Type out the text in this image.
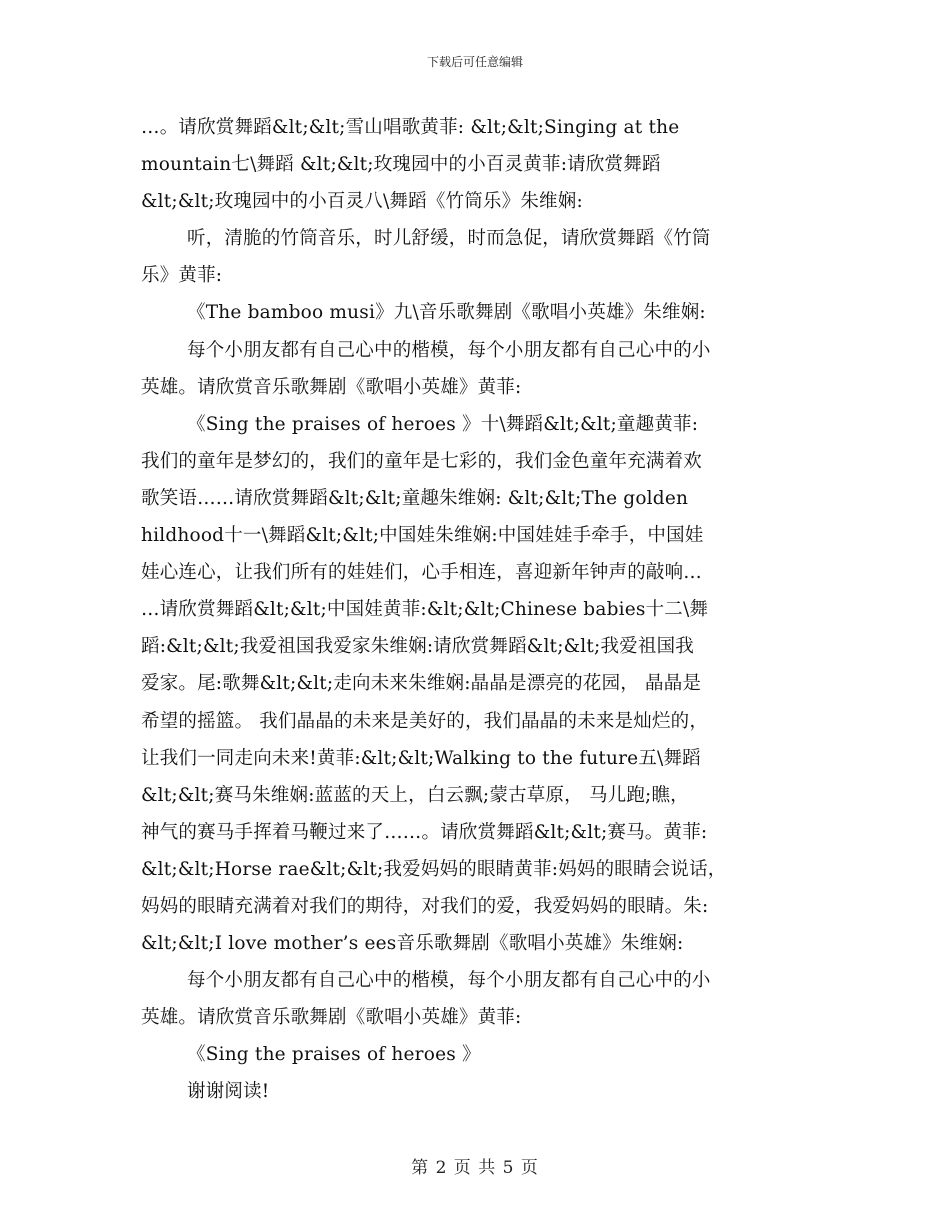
下载后可任意编辑
…。请欣赏舞蹈&lt;&lt;雪山唱歌黄菲: &lt;&lt;Singing at the
mountain七\舞蹈 &lt;&lt;玫瑰园中的小百灵黄菲:请欣赏舞蹈
&lt;&lt;玫瑰园中的小百灵八\舞蹈《竹筒乐》朱维娴:
听，清脆的竹筒音乐，时儿舒缓，时而急促，请欣赏舞蹈《竹筒
乐》黄菲:
《The bamboo musi》九\音乐歌舞剧《歌唱小英雄》朱维娴:
每个小朋友都有自己心中的楷模，每个小朋友都有自己心中的小
英雄。请欣赏音乐歌舞剧《歌唱小英雄》黄菲:
《Sing the praises of heroes 》十\舞蹈&lt;&lt;童趣黄菲:
我们的童年是梦幻的，我们的童年是七彩的，我们金色童年充满着欢
歌笑语……请欣赏舞蹈&lt;&lt;童趣朱维娴: &lt;&lt;The golden
hildhood十一\舞蹈&lt;&lt;中国娃朱维娴:中国娃娃手牵手，中国娃
娃心连心，让我们所有的娃娃们，心手相连，喜迎新年钟声的敲响…
…请欣赏舞蹈&lt;&lt;中国娃黄菲:&lt;&lt;Chinese babies十二\舞
蹈:&lt;&lt;我爱祖国我爱家朱维娴:请欣赏舞蹈&lt;&lt;我爱祖国我
爱家。尾:歌舞&lt;&lt;走向未来朱维娴:晶晶是漂亮的花园， 晶晶是
希望的摇篮。 我们晶晶的未来是美好的，我们晶晶的未来是灿烂的，
让我们一同走向未来!黄菲:&lt;&lt;Walking to the future五\舞蹈
&lt;&lt;赛马朱维娴:蓝蓝的天上，白云飘;蒙古草原， 马儿跑;瞧，
神气的赛马手挥着马鞭过来了……。请欣赏舞蹈&lt;&lt;赛马。黄菲:
&lt;&lt;Horse rae&lt;&lt;我爱妈妈的眼睛黄菲:妈妈的眼睛会说话，
妈妈的眼睛充满着对我们的期待，对我们的爱，我爱妈妈的眼睛。朱:
&lt;&lt;I love mother’s ees音乐歌舞剧《歌唱小英雄》朱维娴:
每个小朋友都有自己心中的楷模，每个小朋友都有自己心中的小
英雄。请欣赏音乐歌舞剧《歌唱小英雄》黄菲:
《Sing the praises of heroes 》
谢谢阅读!
第 2 页 共 5 页
